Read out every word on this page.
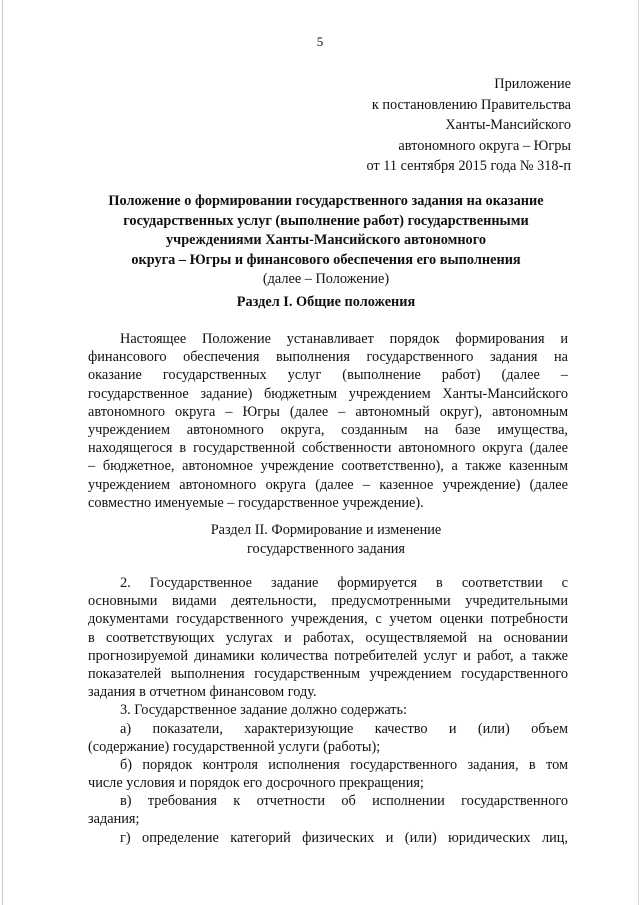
5
Приложение
к постановлению Правительства
Ханты-Мансийского
автономного округа – Югры
от 11 сентября 2015 года № 318-п
Положение о формировании государственного задания на оказание
государственных услуг (выполнение работ) государственными
учреждениями Ханты-Мансийского автономного
округа – Югры и финансового обеспечения его выполнения
(далее – Положение)
Раздел I. Общие положения
Настоящее Положение устанавливает порядок формирования и
финансового обеспечения выполнения государственного задания на
оказание государственных услуг (выполнение работ) (далее –
государственное задание) бюджетным учреждением Ханты-Мансийского
автономного округа – Югры (далее – автономный округ), автономным
учреждением автономного округа, созданным на базе имущества,
находящегося в государственной собственности автономного округа (далее
– бюджетное, автономное учреждение соответственно), а также казенным
учреждением автономного округа (далее – казенное учреждение) (далее
совместно именуемые – государственное учреждение).
Раздел II. Формирование и изменение
государственного задания
2. Государственное задание формируется в соответствии с
основными видами деятельности, предусмотренными учредительными
документами государственного учреждения, с учетом оценки потребности
в соответствующих услугах и работах, осуществляемой на основании
прогнозируемой динамики количества потребителей услуг и работ, а также
показателей выполнения государственным учреждением государственного
задания в отчетном финансовом году.
3. Государственное задание должно содержать:
а) показатели, характеризующие качество и (или) объем
(содержание) государственной услуги (работы);
б) порядок контроля исполнения государственного задания, в том
числе условия и порядок его досрочного прекращения;
в) требования к отчетности об исполнении государственного
задания;
г) определение категорий физических и (или) юридических лиц,
